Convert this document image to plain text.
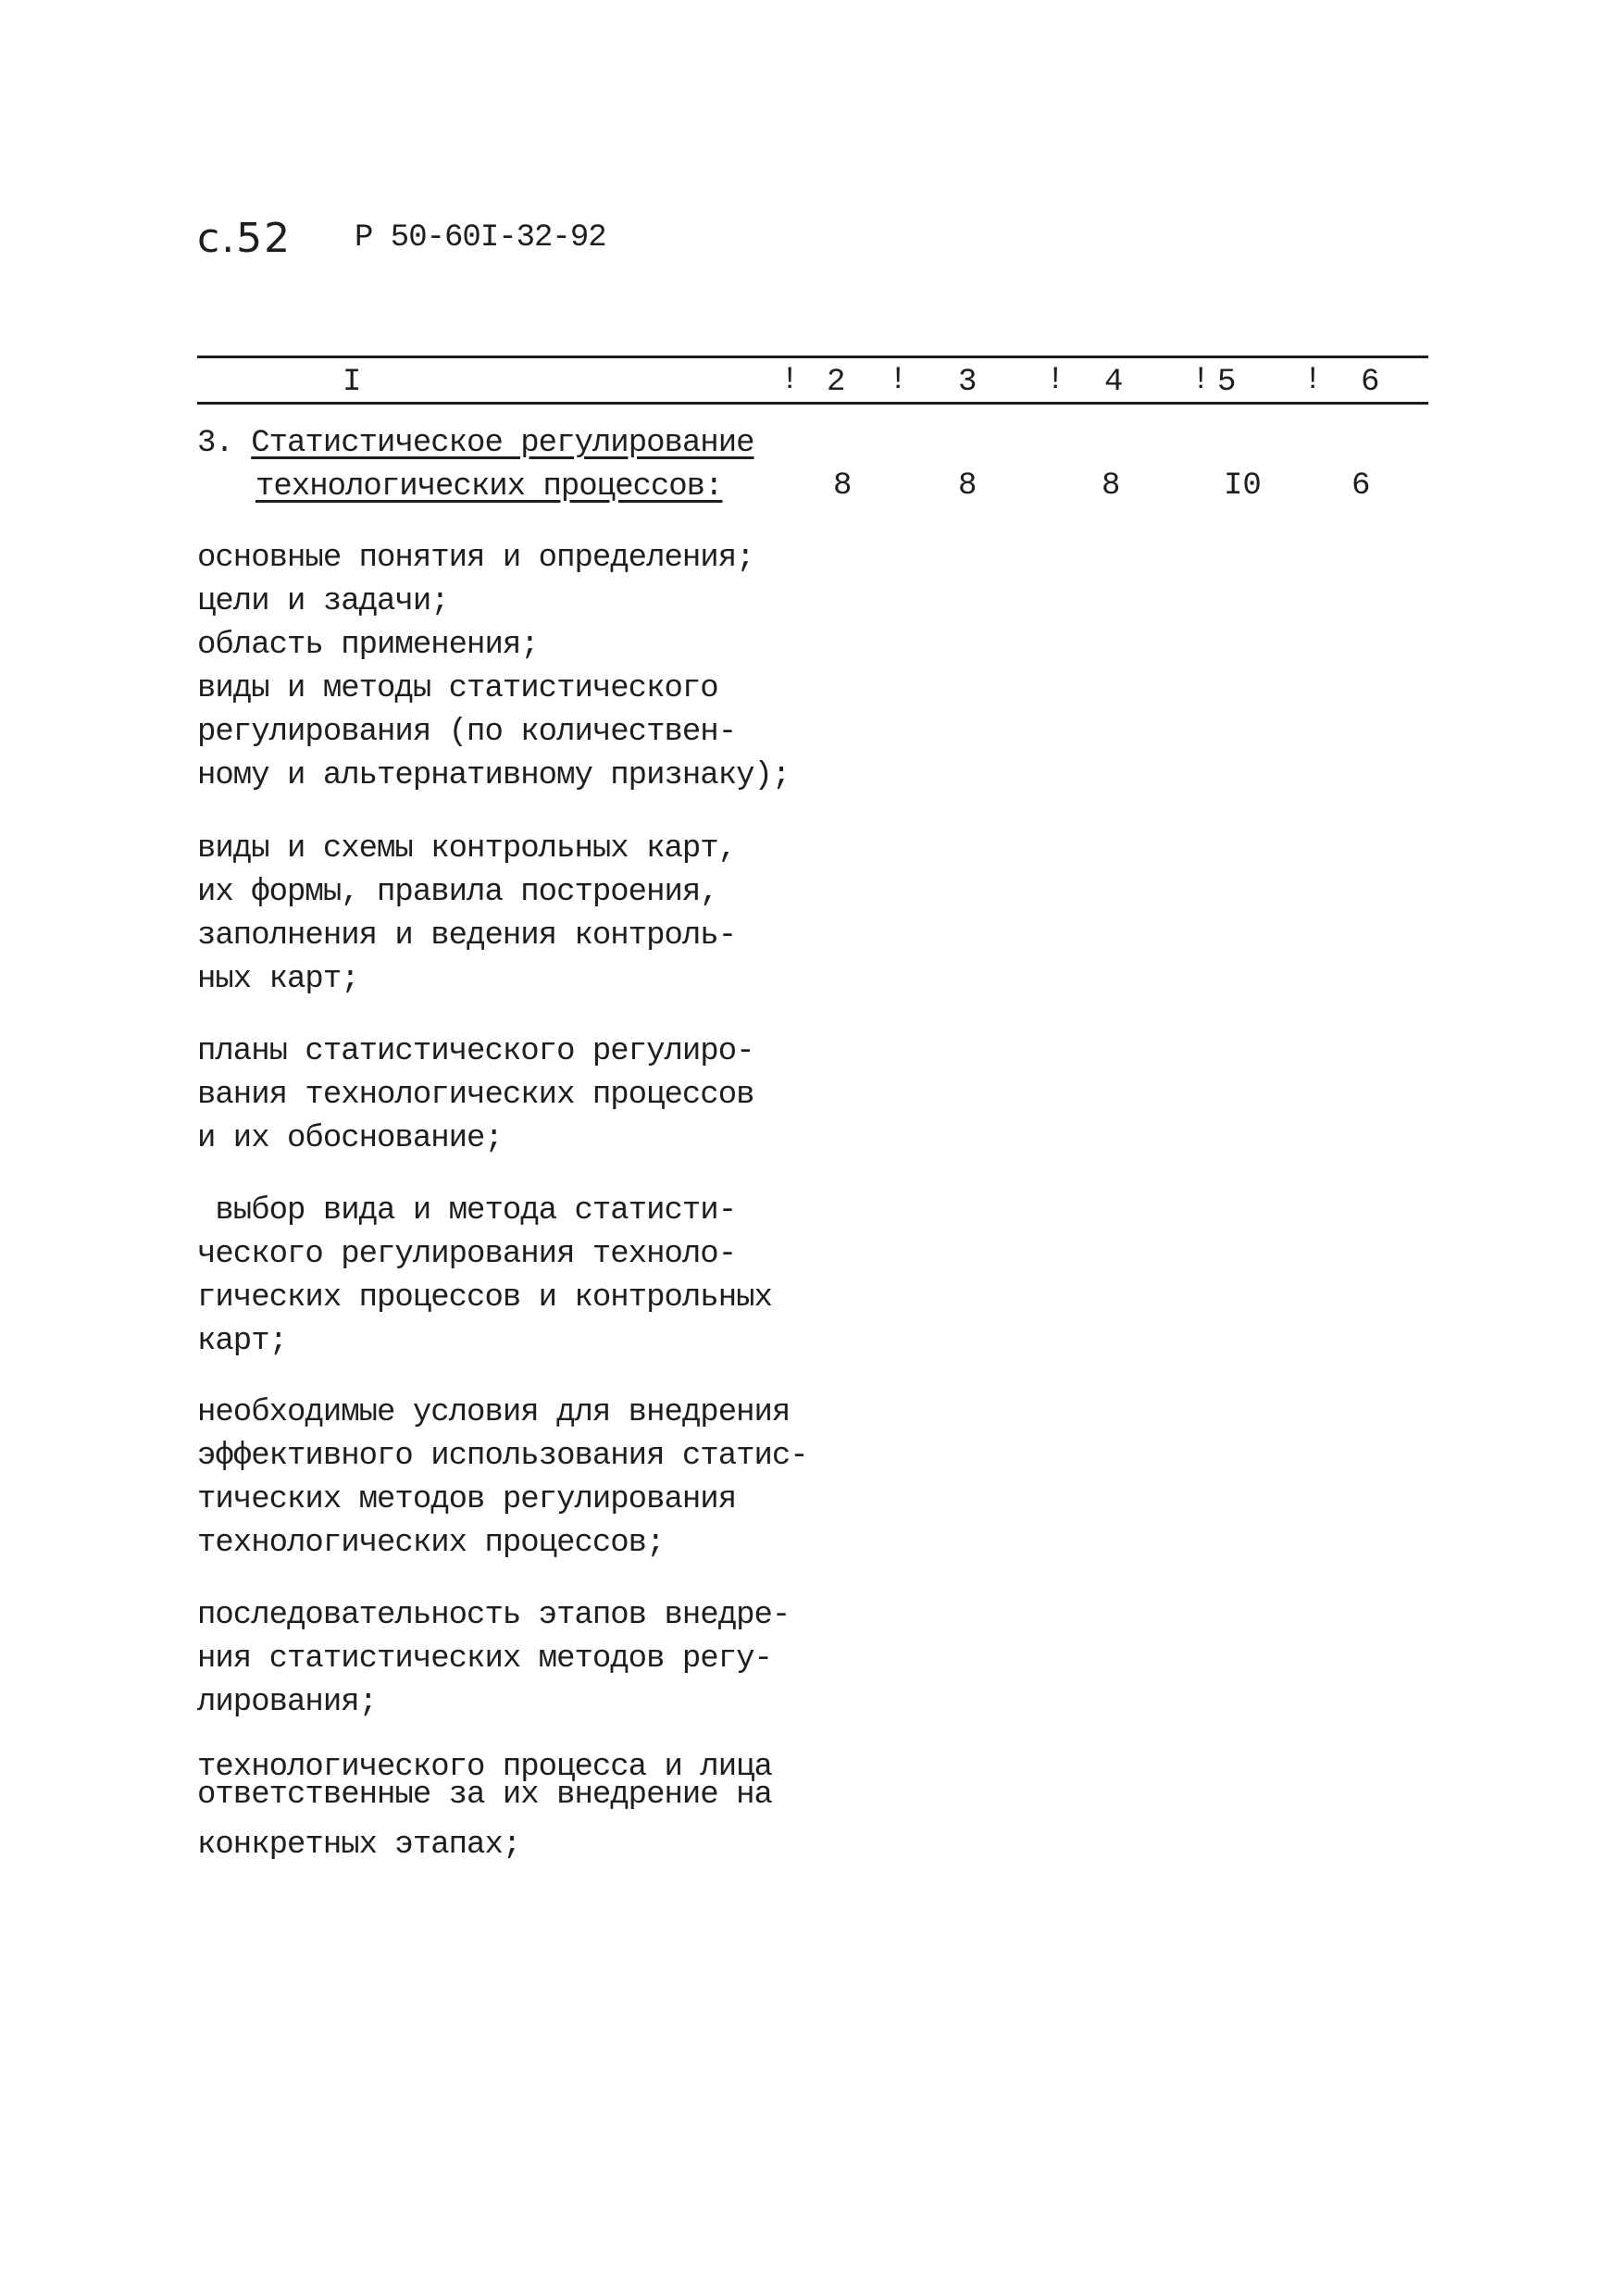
с.52 Р 50-60I-32-92
I	! 2 ! 3 ! 4 ! 5 ! 6
3. Статистическое регулирование
технологических процессов:	8	8	8	I0	6
основные понятия и определения;
цели и задачи;
область применения;
виды и методы статистического
регулирования (по количествен-
ному и альтернативному признаку);
виды и схемы контрольных карт,
их формы, правила построения,
заполнения и ведения контроль-
ных карт;
планы статистического регулиро-
вания технологических процессов
и их обоснование;
выбор вида и метода статисти-
ческого регулирования техноло-
гических процессов и контрольных
карт;
необходимые условия для внедрения
эффективного использования статис-
тических методов регулирования
технологических процессов;
последовательность этапов внедре-
ния статистических методов регу-
лирования;
технологического процесса и лица
ответственные за их внедрение на
конкретных этапах;
